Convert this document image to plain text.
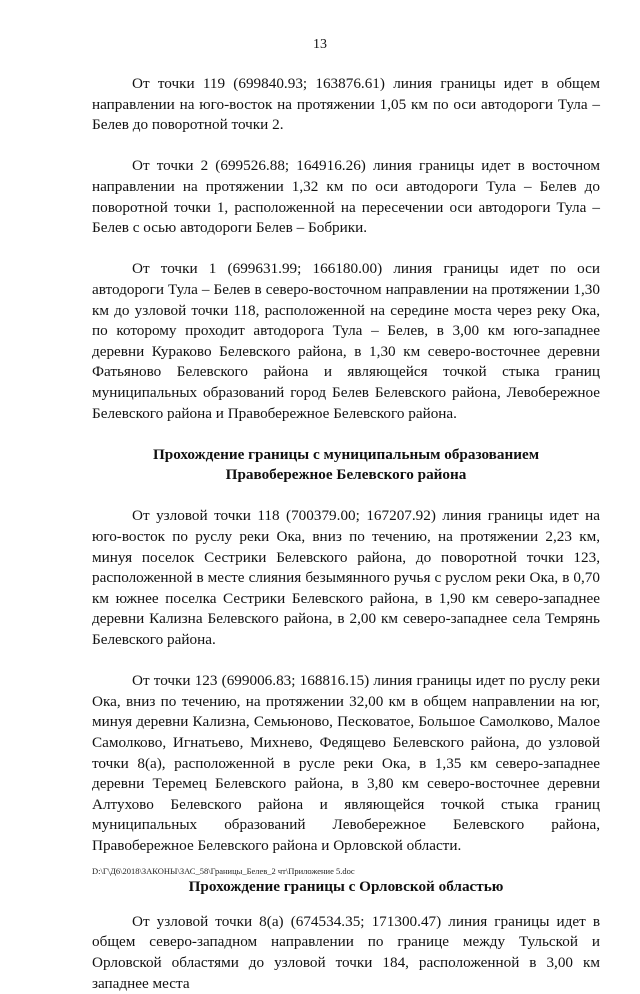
13

От точки 119 (699840.93; 163876.61) линия границы идет в общем направлении на юго-восток на протяжении 1,05 км по оси автодороги Тула – Белев до поворотной точки 2.

От точки 2 (699526.88; 164916.26) линия границы идет в восточном направлении на протяжении 1,32 км по оси автодороги Тула – Белев до поворотной точки 1, расположенной на пересечении оси автодороги Тула – Белев с осью автодороги Белев – Бобрики.

От точки 1 (699631.99; 166180.00) линия границы идет по оси автодороги Тула – Белев в северо-восточном направлении на протяжении 1,30 км до узловой точки 118, расположенной на середине моста через реку Ока, по которому проходит автодорога Тула – Белев, в 3,00 км юго-западнее деревни Кураково Белевского района, в 1,30 км северо-восточнее деревни Фатьяново Белевского района и являющейся точкой стыка границ муниципальных образований город Белев Белевского района, Левобережное Белевского района и Правобережное Белевского района.

Прохождение границы с муниципальным образованием

Правобережное Белевского района

От узловой точки 118 (700379.00; 167207.92) линия границы идет на юго-восток по руслу реки Ока, вниз по течению, на протяжении 2,23 км, минуя поселок Сестрики Белевского района, до поворотной точки 123, расположенной в месте слияния безымянного ручья с руслом реки Ока, в 0,70 км южнее поселка Сестрики Белевского района, в 1,90 км северо-западнее деревни Кализна Белевского района, в 2,00 км северо-западнее села Темрянь Белевского района.

От точки 123 (699006.83; 168816.15) линия границы идет по руслу реки Ока, вниз по течению, на протяжении 32,00 км в общем направлении на юг, минуя деревни Кализна, Семьюново, Песковатое, Большое Самолково, Малое Самолково, Игнатьево, Михнево, Федящево Белевского района, до узловой точки 8(а), расположенной в русле реки Ока, в 1,35 км северо-западнее деревни Теремец Белевского района, в 3,80 км северо-восточнее деревни Алтухово Белевского района и являющейся точкой стыка границ муниципальных образований Левобережное Белевского района, Правобережное Белевского района и Орловской области.

Прохождение границы с Орловской областью

От узловой точки 8(а) (674534.35; 171300.47) линия границы идет в общем северо-западном направлении по границе между Тульской и Орловской областями до узловой точки 184, расположенной в 3,00 км западнее места

D:\Г\Д6\2018\ЗАКОНЫ\ЗАС_58\Границы_Белев_2 чт\Приложение 5.doc
